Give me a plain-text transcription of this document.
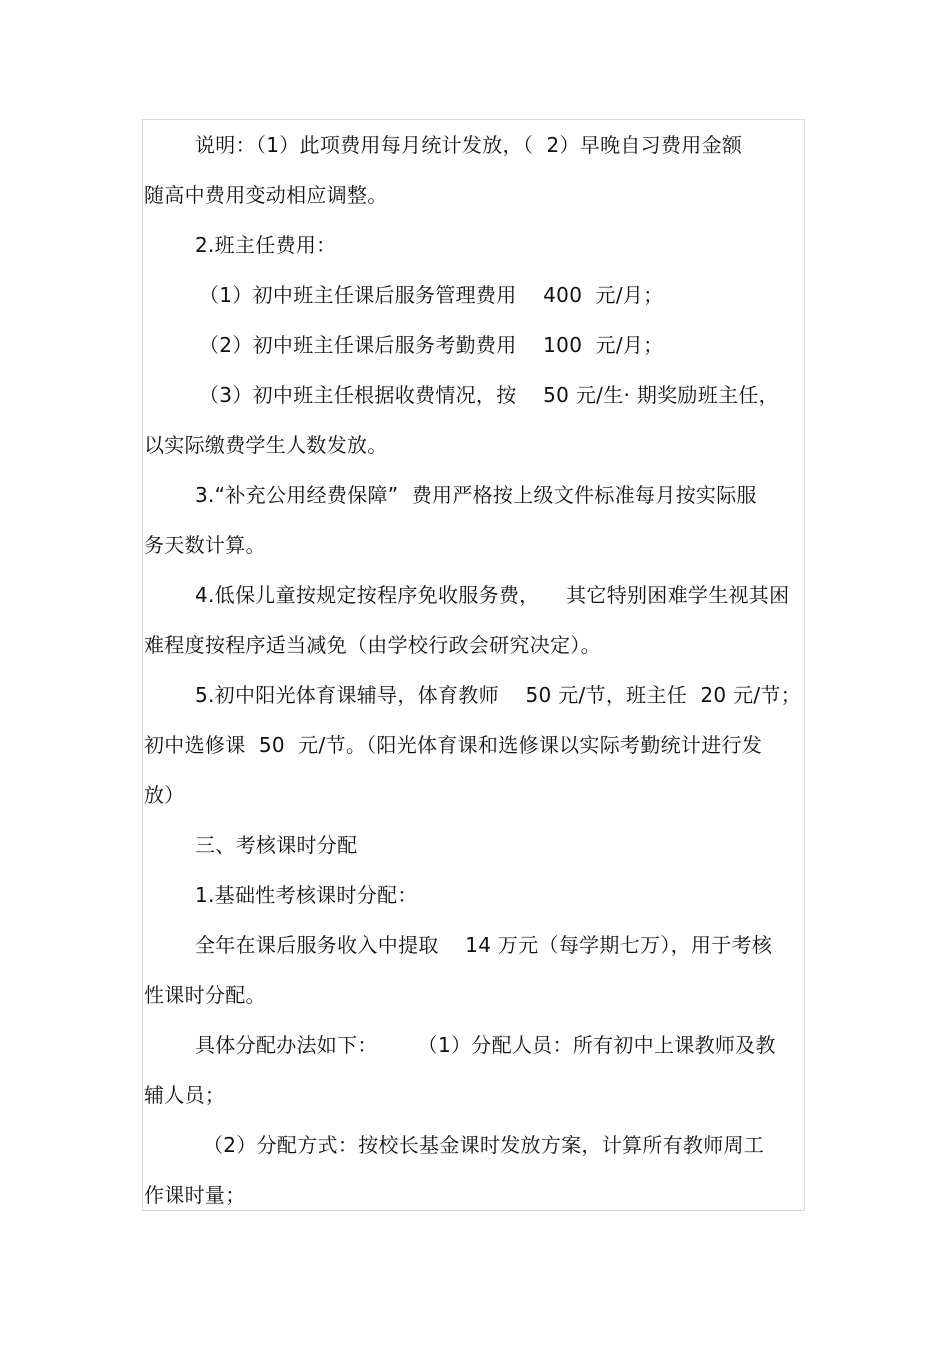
说明：（1）此项费用每月统计发放，（  2）早晚自习费用金额
随高中费用变动相应调整。
2.班主任费用：
（1）初中班主任课后服务管理费用    400  元/月；
（2）初中班主任课后服务考勤费用    100  元/月；
（3）初中班主任根据收费情况，按    50 元/生· 期奖励班主任，
以实际缴费学生人数发放。
3.“补充公用经费保障”  费用严格按上级文件标准每月按实际服
务天数计算。
4.低保儿童按规定按程序免收服务费，    其它特别困难学生视其困
难程度按程序适当减免（由学校行政会研究决定）。
5.初中阳光体育课辅导，体育教师    50 元/节，班主任  20 元/节；
初中选修课  50  元/节。（阳光体育课和选修课以实际考勤统计进行发
放）
三、考核课时分配
1.基础性考核课时分配：
全年在课后服务收入中提取    14 万元（每学期七万），用于考核
性课时分配。
具体分配办法如下：      （1）分配人员：所有初中上课教师及教
辅人员；
（2）分配方式：按校长基金课时发放方案，计算所有教师周工
作课时量；
